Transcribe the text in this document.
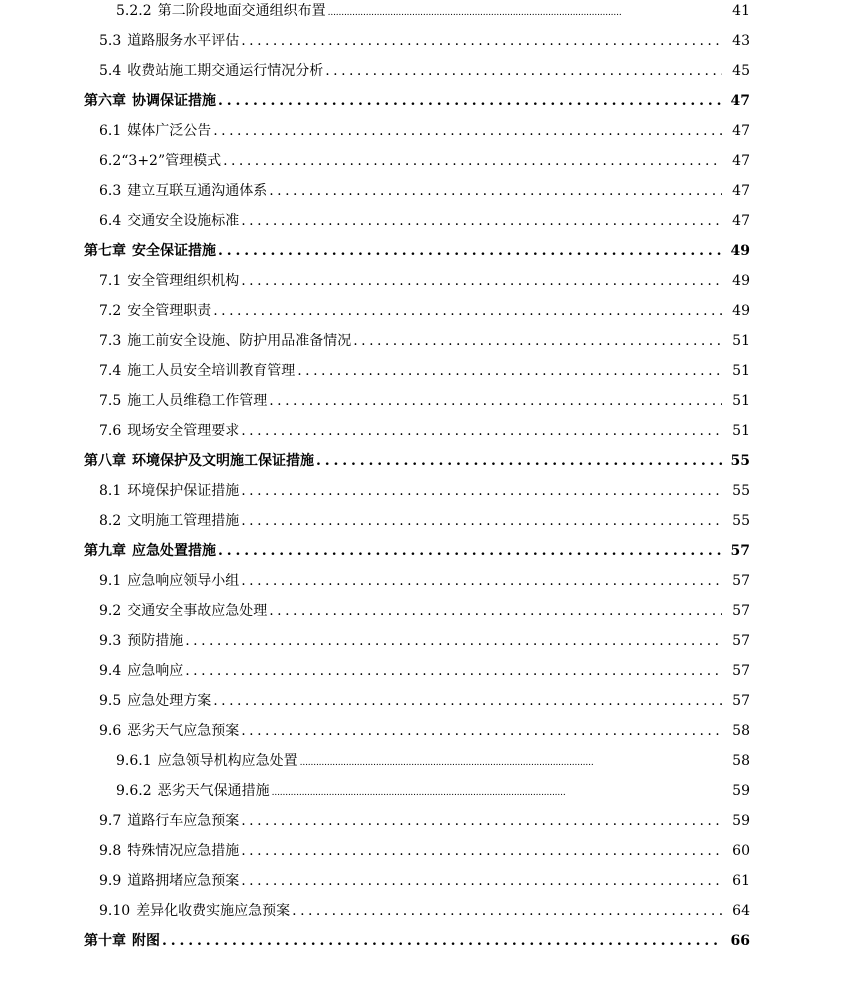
5.2.2 第二阶段地面交通组织布置 . . .	41
5.3 道路服务水平评估 . . .	43
5.4 收费站施工期交通运行情况分析 . . .	45
第六章 协调保证措施 . . .	47
6.1 媒体广泛公告 . . .	47
6.2“3+2”管理模式 . . .	47
6.3 建立互联互通沟通体系 . . .	47
6.4 交通安全设施标准 . . .	47
第七章 安全保证措施 . . .	49
7.1 安全管理组织机构 . . .	49
7.2 安全管理职责 . . .	49
7.3 施工前安全设施、防护用品准备情况 . . .	51
7.4 施工人员安全培训教育管理 . . .	51
7.5 施工人员维稳工作管理 . . .	51
7.6 现场安全管理要求 . . .	51
第八章 环境保护及文明施工保证措施 . . .	55
8.1 环境保护保证措施 . . .	55
8.2 文明施工管理措施 . . .	55
第九章 应急处置措施 . . .	57
9.1 应急响应领导小组 . . .	57
9.2 交通安全事故应急处理 . . .	57
9.3 预防措施 . . .	57
9.4 应急响应 . . .	57
9.5 应急处理方案 . . .	57
9.6 恶劣天气应急预案 . . .	58
9.6.1 应急领导机构应急处置 . . .	58
9.6.2 恶劣天气保通措施 . . .	59
9.7 道路行车应急预案 . . .	59
9.8 特殊情况应急措施 . . .	60
9.9 道路拥堵应急预案 . . .	61
9.10 差异化收费实施应急预案 . . .	64
第十章 附图 . . .	66
